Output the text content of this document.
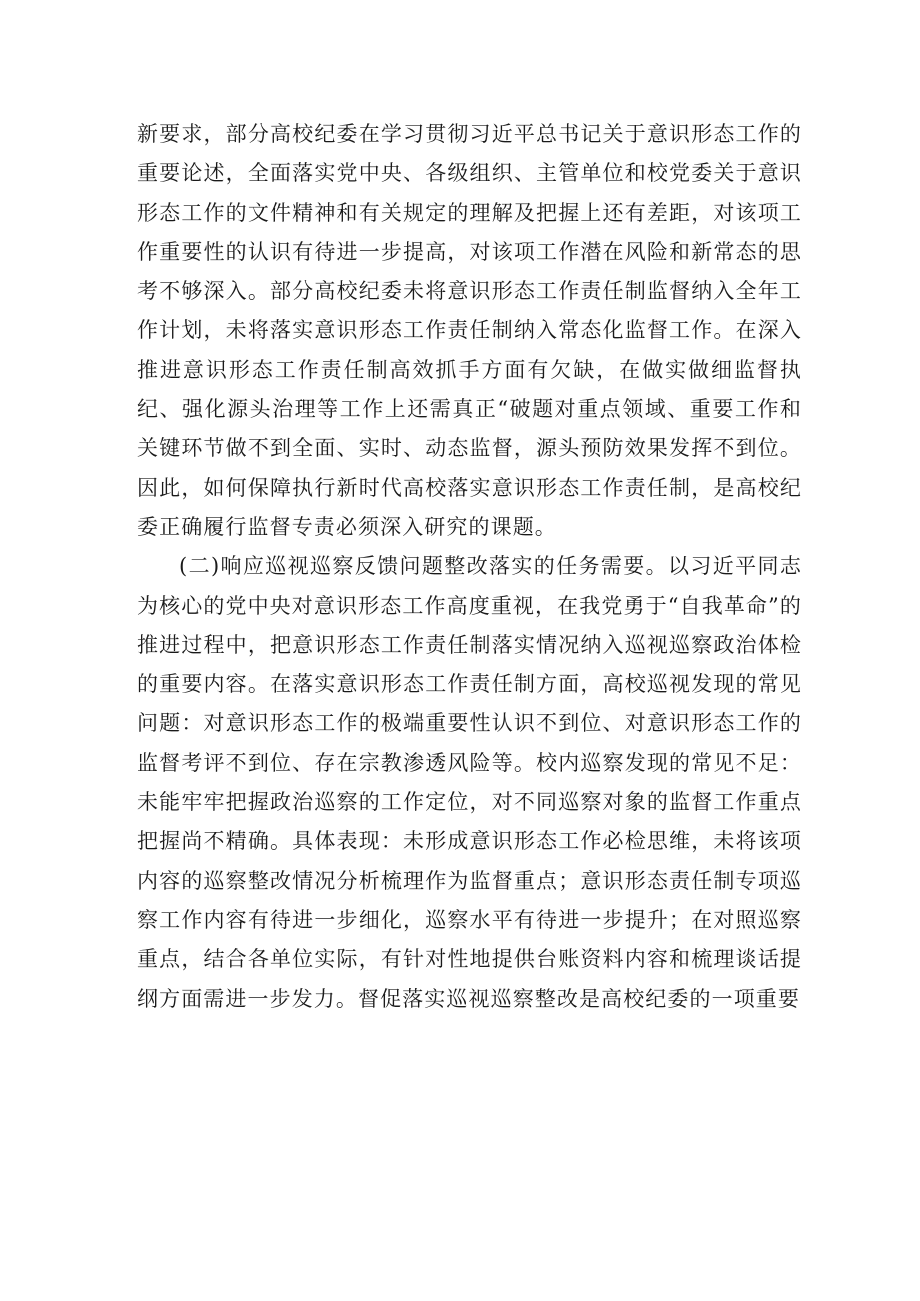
新要求，部分高校纪委在学习贯彻习近平总书记关于意识形态工作的重要论述，全面落实党中央、各级组织、主管单位和校党委关于意识形态工作的文件精神和有关规定的理解及把握上还有差距，对该项工作重要性的认识有待进一步提高，对该项工作潜在风险和新常态的思考不够深入。部分高校纪委未将意识形态工作责任制监督纳入全年工作计划，未将落实意识形态工作责任制纳入常态化监督工作。在深入推进意识形态工作责任制高效抓手方面有欠缺，在做实做细监督执纪、强化源头治理等工作上还需真正“破题对重点领域、重要工作和关键环节做不到全面、实时、动态监督，源头预防效果发挥不到位。因此，如何保障执行新时代高校落实意识形态工作责任制，是高校纪委正确履行监督专责必须深入研究的课题。

(二)响应巡视巡察反馈问题整改落实的任务需要。以习近平同志为核心的党中央对意识形态工作高度重视，在我党勇于“自我革命”的推进过程中，把意识形态工作责任制落实情况纳入巡视巡察政治体检的重要内容。在落实意识形态工作责任制方面，高校巡视发现的常见问题：对意识形态工作的极端重要性认识不到位、对意识形态工作的监督考评不到位、存在宗教渗透风险等。校内巡察发现的常见不足：未能牢牢把握政治巡察的工作定位，对不同巡察对象的监督工作重点把握尚不精确。具体表现：未形成意识形态工作必检思维，未将该项内容的巡察整改情况分析梳理作为监督重点；意识形态责任制专项巡察工作内容有待进一步细化，巡察水平有待进一步提升；在对照巡察重点，结合各单位实际，有针对性地提供台账资料内容和梳理谈话提纲方面需进一步发力。督促落实巡视巡察整改是高校纪委的一项重要
